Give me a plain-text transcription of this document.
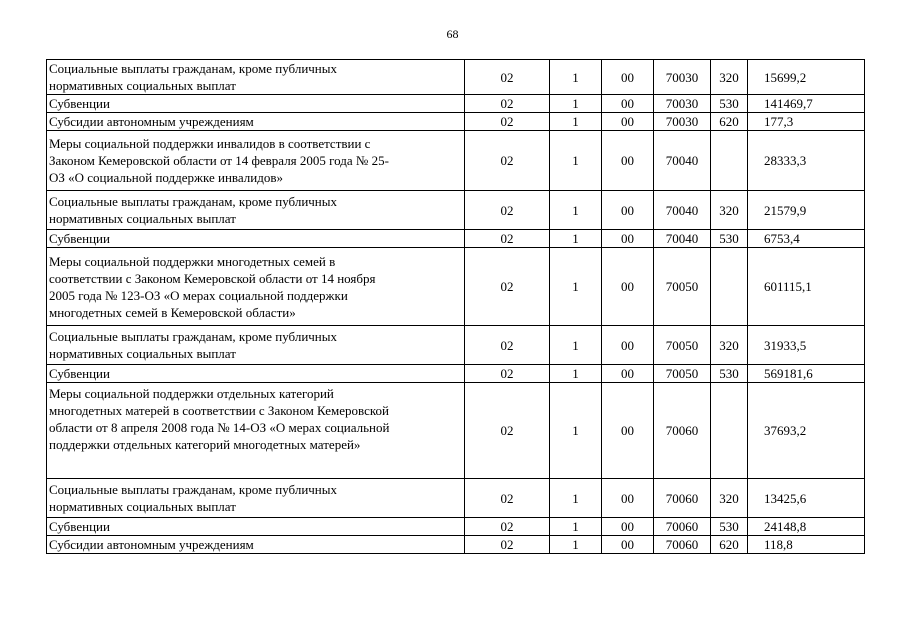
68
Социальные выплаты гражданам, кроме публичных
нормативных социальных выплат	02	1	00	70030	320	15699,2
Субвенции	02	1	00	70030	530	141469,7
Субсидии автономным учреждениям	02	1	00	70030	620	177,3
Меры социальной поддержки инвалидов в соответствии с
Законом Кемеровской области от 14 февраля 2005 года № 25-
ОЗ «О социальной поддержке инвалидов»	02	1	00	70040		28333,3
Социальные выплаты гражданам, кроме публичных
нормативных социальных выплат	02	1	00	70040	320	21579,9
Субвенции	02	1	00	70040	530	6753,4
Меры социальной поддержки многодетных семей в
соответствии с Законом Кемеровской области от 14 ноября
2005 года № 123-ОЗ «О мерах социальной поддержки
многодетных семей в Кемеровской области»	02	1	00	70050		601115,1
Социальные выплаты гражданам, кроме публичных
нормативных социальных выплат	02	1	00	70050	320	31933,5
Субвенции	02	1	00	70050	530	569181,6
Меры социальной поддержки отдельных категорий
многодетных матерей в соответствии с Законом Кемеровской
области от 8 апреля 2008 года № 14-ОЗ «О мерах социальной
поддержки отдельных категорий многодетных матерей»	02	1	00	70060		37693,2
Социальные выплаты гражданам, кроме публичных
нормативных социальных выплат	02	1	00	70060	320	13425,6
Субвенции	02	1	00	70060	530	24148,8
Субсидии автономным учреждениям	02	1	00	70060	620	118,8
